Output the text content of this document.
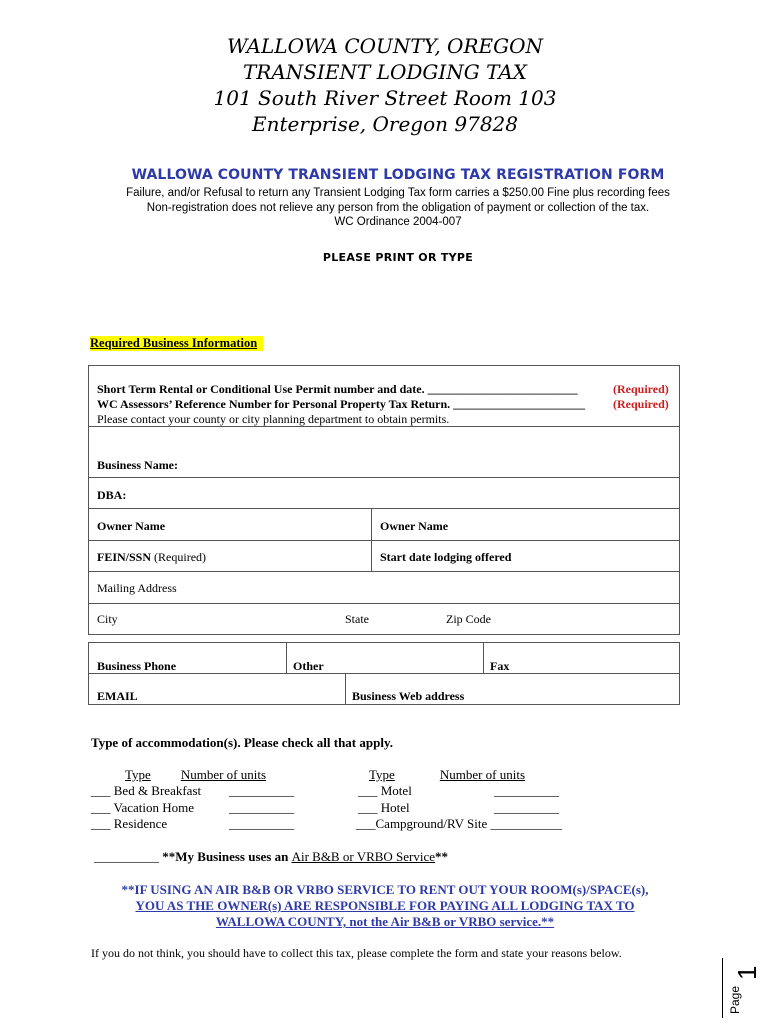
WALLOWA COUNTY, OREGON
TRANSIENT LODGING TAX
101 South River Street Room 103
Enterprise, Oregon 97828
WALLOWA COUNTY TRANSIENT LODGING TAX REGISTRATION FORM
Failure, and/or Refusal to return any Transient Lodging Tax form carries a $250.00 Fine plus recording fees
Non-registration does not relieve any person from the obligation of payment or collection of the tax.
WC Ordinance 2004-007
PLEASE PRINT OR TYPE
Required Business Information
Short Term Rental or Conditional Use Permit number and date. _________________________	(Required)
WC Assessors’ Reference Number for Personal Property Tax Return. ______________________ (Required)
Please contact your county or city planning department to obtain permits.
Business Name:
DBA:
Owner Name	Owner Name
FEIN/SSN (Required)	Start date lodging offered
Mailing Address
City	State	Zip Code
Business Phone	Other	Fax
EMAIL	Business Web address
Type of accommodation(s). Please check all that apply.
Type Number of units	Type	Number of units
___ Bed & Breakfast __________
___ Vacation Home	__________
___ Residence	__________
___ Motel	__________
___ Hotel	__________
___Campground/RV Site ___________
__________ **My Business uses an Air B&B or VRBO Service**
**IF USING AN AIR B&B OR VRBO SERVICE TO RENT OUT YOUR ROOM(s)/SPACE(s),
YOU AS THE OWNER(s) ARE RESPONSIBLE FOR PAYING ALL LODGING TAX TO
WALLOWA COUNTY, not the Air B&B or VRBO service.**
If you do not think, you should have to collect this tax, please complete the form and state your reasons below.
Page
1
